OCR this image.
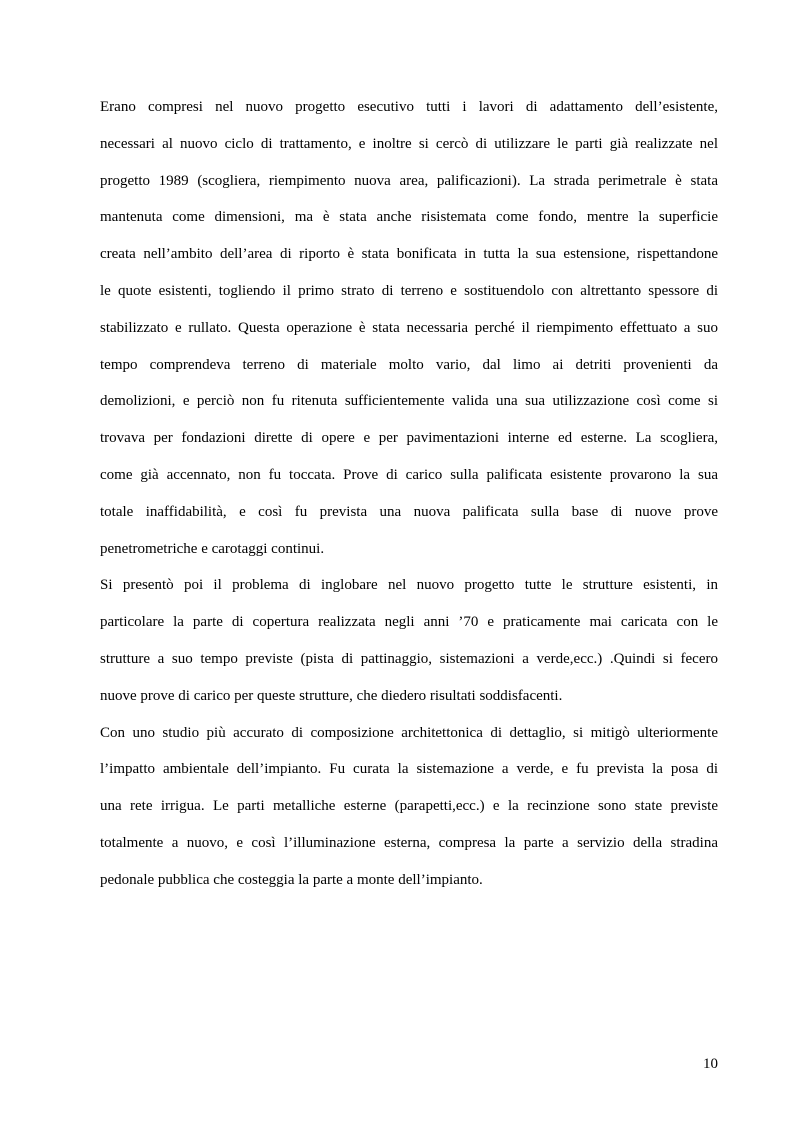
Erano compresi nel nuovo progetto esecutivo tutti i lavori di adattamento dell’esistente,
necessari al nuovo ciclo di trattamento, e inoltre si cercò di utilizzare le parti già realizzate nel
progetto 1989 (scogliera, riempimento nuova area, palificazioni). La strada perimetrale è stata
mantenuta come dimensioni, ma è stata anche risistemata come fondo, mentre la superficie
creata nell’ambito dell’area di riporto è stata bonificata in tutta la sua estensione, rispettandone
le quote esistenti, togliendo il primo strato di terreno e sostituendolo con altrettanto spessore di
stabilizzato e rullato. Questa operazione è stata necessaria perché il riempimento effettuato a suo
tempo comprendeva terreno di materiale molto vario, dal limo ai detriti provenienti da
demolizioni, e perciò non fu ritenuta sufficientemente valida una sua utilizzazione così come si
trovava per fondazioni dirette di opere e per pavimentazioni interne ed esterne. La scogliera,
come già accennato, non fu toccata. Prove di carico sulla palificata esistente provarono la sua
totale inaffidabilità, e così fu prevista una nuova palificata sulla base di nuove prove
penetrometriche e carotaggi continui.

Si presentò poi il problema di inglobare nel nuovo progetto tutte le strutture esistenti, in
particolare la parte di copertura realizzata negli anni ’70 e praticamente mai caricata con le
strutture a suo tempo previste (pista di pattinaggio, sistemazioni a verde,ecc.) .Quindi si fecero
nuove prove di carico per queste strutture, che diedero risultati soddisfacenti.

Con uno studio più accurato di composizione architettonica di dettaglio, si mitigò ulteriormente
l’impatto ambientale dell’impianto. Fu curata la sistemazione a verde, e fu prevista la posa di
una rete irrigua. Le parti metalliche esterne (parapetti,ecc.) e la recinzione sono state previste
totalmente a nuovo, e così l’illuminazione esterna, compresa la parte a servizio della stradina
pedonale pubblica che costeggia la parte a monte dell’impianto.

10
